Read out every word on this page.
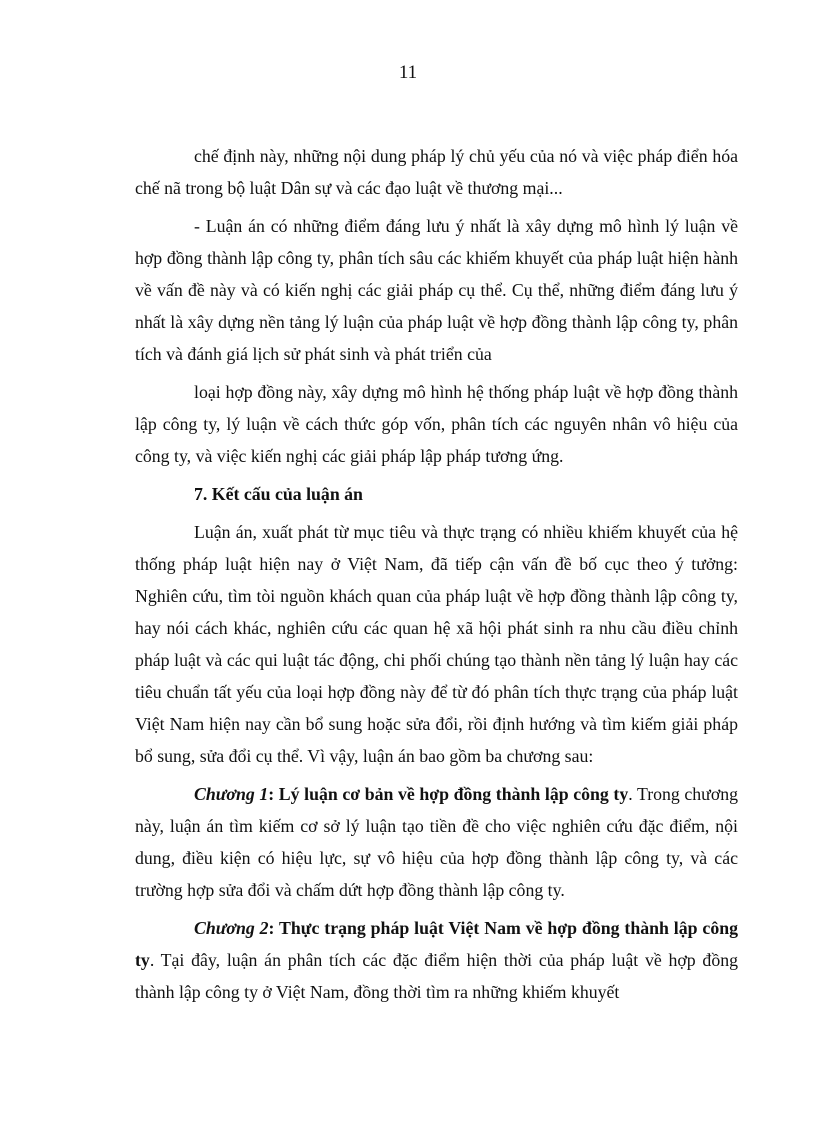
11

chế định này, những nội dung pháp lý chủ yếu của nó và việc pháp điển hóa chế nã trong bộ luật Dân sự và các đạo luật về thương mại...

- Luận án có những điểm đáng lưu ý nhất là xây dựng mô hình lý luận về hợp đồng thành lập công ty, phân tích sâu các khiếm khuyết của pháp luật hiện hành về vấn đề này và có kiến nghị các giải pháp cụ thể. Cụ thể, những điểm đáng lưu ý nhất là xây dựng nền tảng lý luận của pháp luật về hợp đồng thành lập công ty, phân tích và đánh giá lịch sử phát sinh và phát triển của

loại hợp đồng này, xây dựng mô hình hệ thống pháp luật về hợp đồng thành lập công ty, lý luận về cách thức góp vốn, phân tích các nguyên nhân vô hiệu của công ty, và việc kiến nghị các giải pháp lập pháp tương ứng.

7. Kết cấu của luận án

Luận án, xuất phát từ mục tiêu và thực trạng có nhiều khiếm khuyết của hệ thống pháp luật hiện nay ở Việt Nam, đã tiếp cận vấn đề bố cục theo ý tưởng: Nghiên cứu, tìm tòi nguồn khách quan của pháp luật về hợp đồng thành lập công ty, hay nói cách khác, nghiên cứu các quan hệ xã hội phát sinh ra nhu cầu điều chỉnh pháp luật và các qui luật tác động, chi phối chúng tạo thành nền tảng lý luận hay các tiêu chuẩn tất yếu của loại hợp đồng này để từ đó phân tích thực trạng của pháp luật Việt Nam hiện nay cần bổ sung hoặc sửa đổi, rồi định hướng và tìm kiếm giải pháp bổ sung, sửa đổi cụ thể. Vì vậy, luận án bao gồm ba chương sau:

Chương 1: Lý luận cơ bản về hợp đồng thành lập công ty. Trong chương này, luận án tìm kiếm cơ sở lý luận tạo tiền đề cho việc nghiên cứu đặc điểm, nội dung, điều kiện có hiệu lực, sự vô hiệu của hợp đồng thành lập công ty, và các trường hợp sửa đổi và chấm dứt hợp đồng thành lập công ty.

Chương 2: Thực trạng pháp luật Việt Nam về hợp đồng thành lập công ty. Tại đây, luận án phân tích các đặc điểm hiện thời của pháp luật về hợp đồng thành lập công ty ở Việt Nam, đồng thời tìm ra những khiếm khuyết
